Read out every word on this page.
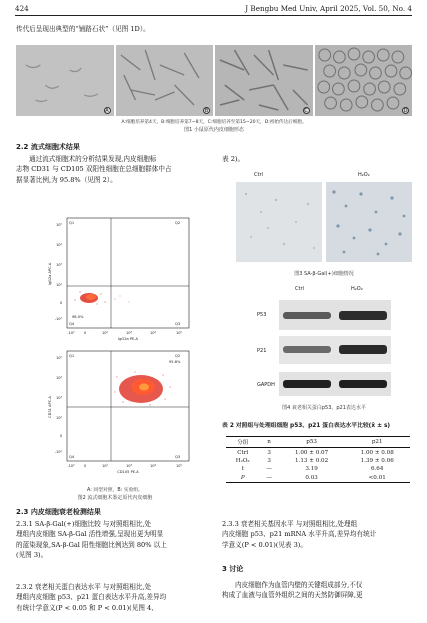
424	J Bengbu Med Univ, April 2025, Vol. 50, No. 4
传代后呈现出典型的“铺路石状”（见图 1D）。
A	B	C	D
A:细胞培养第4天，B:细胞培养第7~8天，C:细胞培养至第15~20天，D:初始传达后细胞。
图1 小鼠原代内皮细胞形态
2.2 流式细胞术结果
通过流式细胞术的分析结果发现,内皮细胞标
志物 CD31 与 CD105 双阳性细胞在总细胞群体中占
据显著比例,为 95.8%（见图 2）。
Q1	Q2
Q4	Q3
98.0%
-10²
0
10²
10³
10⁴
10⁵
-10²	0	10²	10³	10⁴	10⁵
IgG2a PE-A
IgG2a APC-A
Q1	Q2
Q4	Q3
95.8%
-10²
0
10²
10³
10⁴
10⁵
-10²	0	10²	10³	10⁴	10⁵
CD105 PE-A
CD31 APC-A
A: 同型对照，B: 实验组。
图2 流式细胞术鉴定原代内皮细胞
2.3 内皮细胞衰老检测结果
2.3.1 SA-β-Gal(+)细胞比较 与对照组相比,处
理组内皮细胞 SA-β-Gal 活性增强,呈现出更为明显
的蓝染现象,SA-β-Gal 阳性细胞比例达到 80% 以上
(见图 3)。
2.3.2 衰老相关蛋白表达水平 与对照组相比,处
理组内皮细胞 p53、p21 蛋白表达水平升高,差异均
有统计学意义(P < 0.05 和 P < 0.01)(见图 4、
表 2)。
Ctrl	H₂O₂
图3 SA-β-Gal(+)细胞情况
Ctrl	H₂O₂
P53
P21
GAPDH
图4 衰老相关蛋白p53、p21表达水平
表 2 对照组与处理组细胞 p53、p21 蛋白表达水平比较(x̄ ± s)
分组	n	p53	p21
Ctrl	3	1.00 ± 0.07	1.00 ± 0.08
H₂O₂	3	1.13 ± 0.02	1.39 ± 0.06
t	—	3.19	6.64
P	—	0.03	<0.01
2.3.3 衰老相关基因水平 与对照组相比,处理组
内皮细胞 p53、p21 mRNA 水平升高,差异均有统计
学意义(P < 0.01)(见表 3)。
3 讨论
内皮细胞作为血管内壁的关键组成部分,不仅
构成了血液与血管外组织之间的天然防御屏障,更
